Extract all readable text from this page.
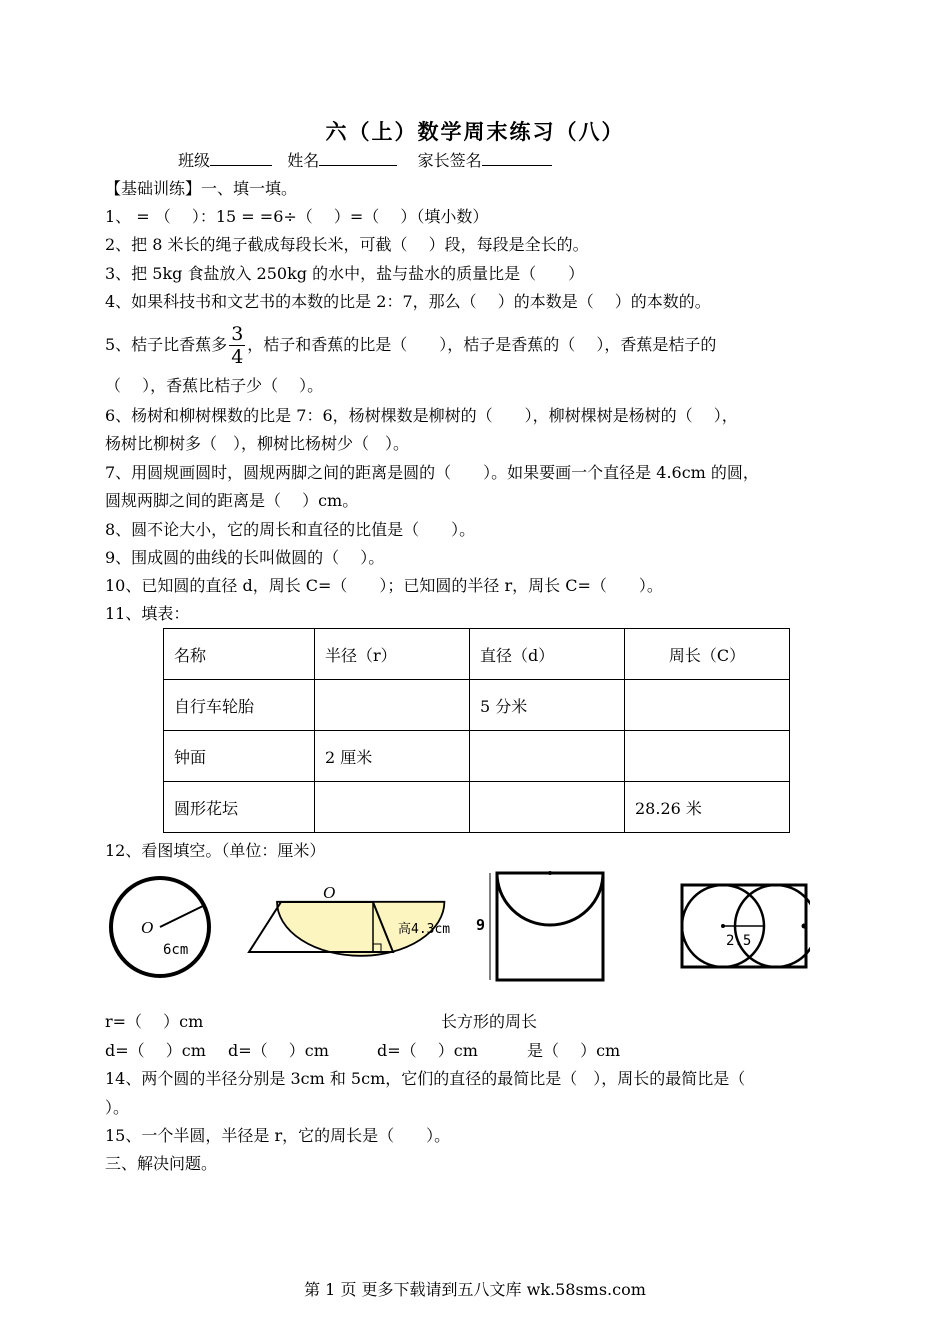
六（上）数学周末练习（八）
班级	姓名	家长签名
【基础训练】一、填一填。
1、 = （　 ）：15 = =6÷（　 ）=（　 ）（填小数）
2、把 8 米长的绳子截成每段长米，可截（　 ）段，每段是全长的。
3、把 5kg 食盐放入 250kg 的水中，盐与盐水的质量比是（　　）
4、如果科技书和文艺书的本数的比是 2：7，那么（　 ）的本数是（　 ）的本数的。
5、桔子比香蕉多 $\frac{3}{4}$ ，桔子和香蕉的比是（　　），桔子是香蕉的（　 ），香蕉是桔子的
（　 ），香蕉比桔子少（　 ）。
6、杨树和柳树棵数的比是 7：6，杨树棵数是柳树的（　　），柳树棵树是杨树的（　 ），
杨树比柳树多（　），柳树比杨树少（　）。
7、用圆规画圆时，圆规两脚之间的距离是圆的（　　）。如果要画一个直径是 4.6cm 的圆，
圆规两脚之间的距离是（　 ）cm。
8、圆不论大小，它的周长和直径的比值是（　　）。
9、围成圆的曲线的长叫做圆的（　 ）。
10、已知圆的直径 d，周长 C=（　　）；已知圆的半径 r，周长 C=（　　）。
11、填表：
名称	半径（r）	直径（d）	周长（C）
自行车轮胎		5 分米	
钟面	2 厘米		
圆形花坛			28.26 米
12、看图填空。（单位：厘米）
O
6cm
O
高4.3cm 9
2.5
r=（　 ）cm	长方形的周长
d=（　 ）cm d=（　 ）cm	d=（　 ）cm	是（　 ）cm
14、两个圆的半径分别是 3cm 和 5cm，它们的直径的最简比是（　），周长的最简比是（
）。
15、一个半圆，半径是 r，它的周长是（　　）。
三、解决问题。
第 1 页 更多下载请到五八文库 wk.58sms.com
